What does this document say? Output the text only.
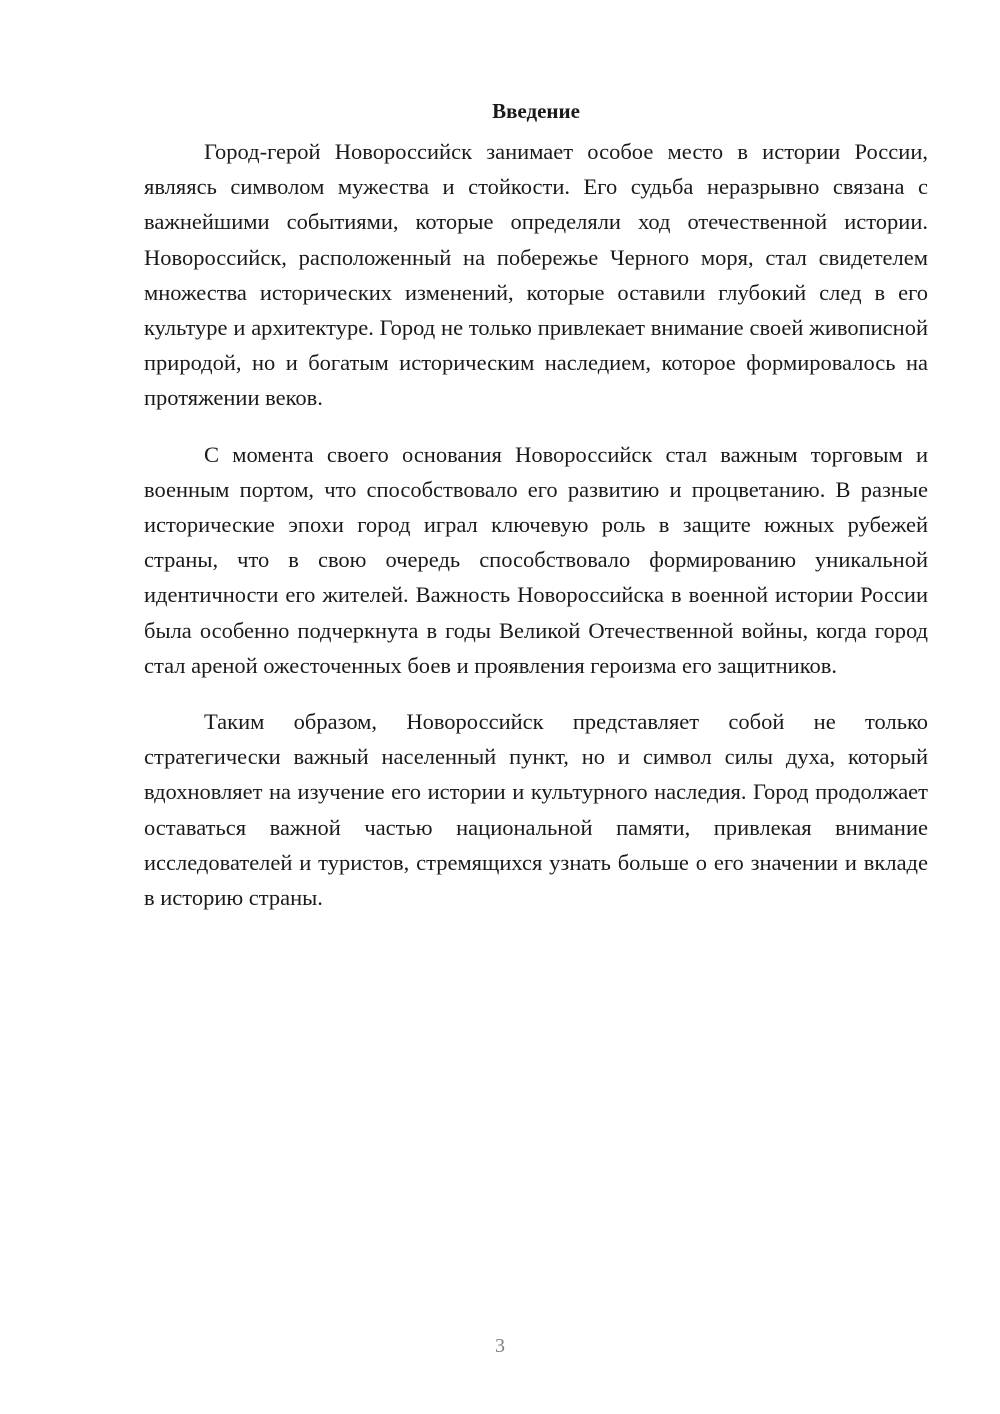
Введение

Город-герой Новороссийск занимает особое место в истории России, являясь символом мужества и стойкости. Его судьба неразрывно связана с важнейшими событиями, которые определяли ход отечественной истории. Новороссийск, расположенный на побережье Черного моря, стал свидетелем множества исторических изменений, которые оставили глубокий след в его культуре и архитектуре. Город не только привлекает внимание своей живописной природой, но и богатым историческим наследием, которое формировалось на протяжении веков.

С момента своего основания Новороссийск стал важным торговым и военным портом, что способствовало его развитию и процветанию. В разные исторические эпохи город играл ключевую роль в защите южных рубежей страны, что в свою очередь способствовало формированию уникальной идентичности его жителей. Важность Новороссийска в военной истории России была особенно подчеркнута в годы Великой Отечественной войны, когда город стал ареной ожесточенных боев и проявления героизма его защитников.

Таким образом, Новороссийск представляет собой не только стратегически важный населенный пункт, но и символ силы духа, который вдохновляет на изучение его истории и культурного наследия. Город продолжает оставаться важной частью национальной памяти, привлекая внимание исследователей и туристов, стремящихся узнать больше о его значении и вкладе в историю страны.

3
